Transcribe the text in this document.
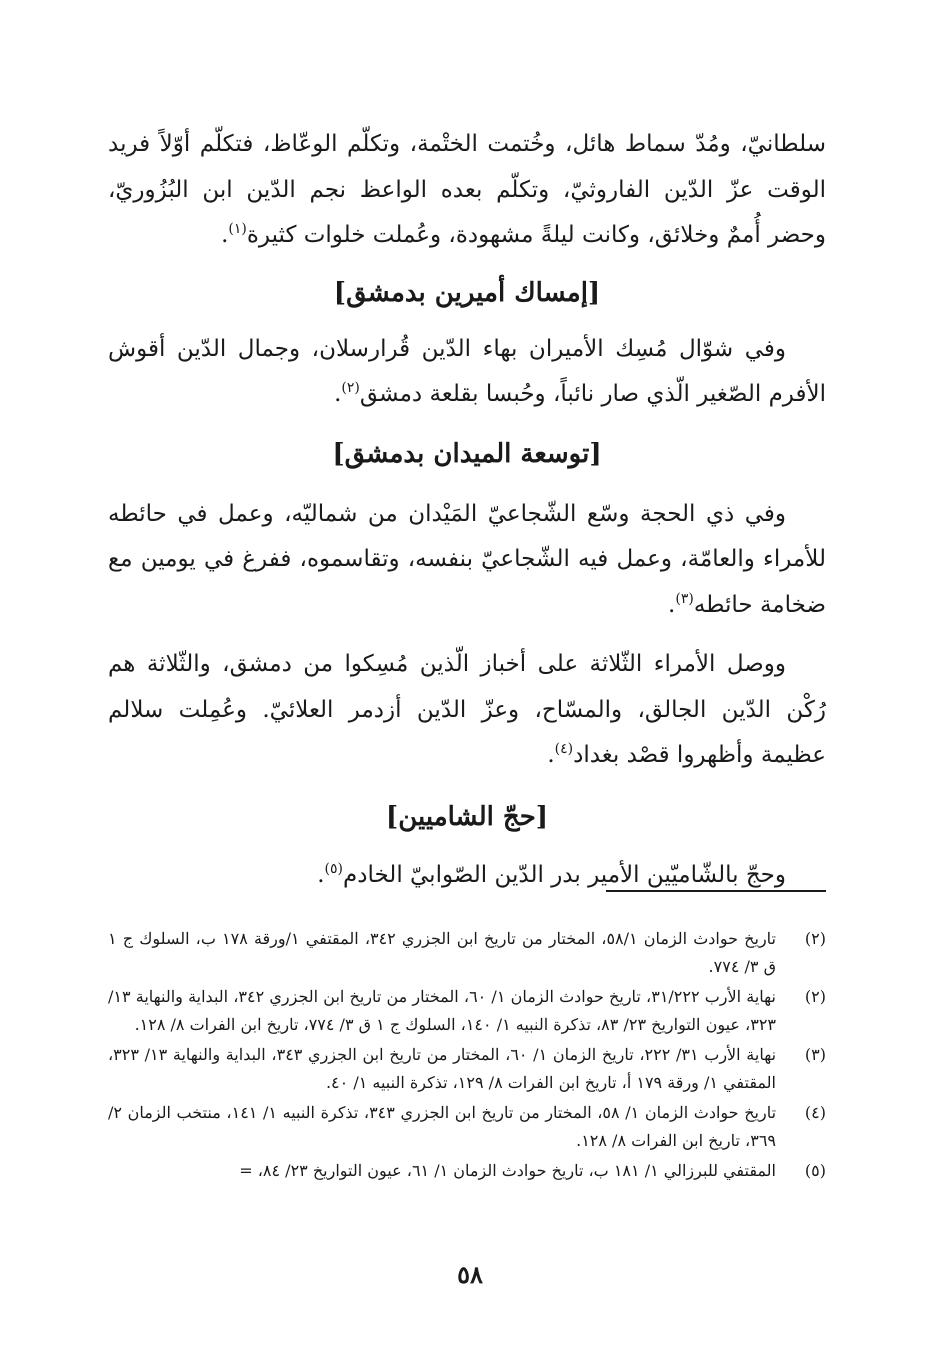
سلطانيّ، ومُدّ سماط هائل، وخُتمت الختْمة، وتكلّم الوعّاظ، فتكلّم أوّلاً فريد الوقت عزّ الدّين الفاروثيّ، وتكلّم بعده الواعظ نجم الدّين ابن البُزُوريّ، وحضر أُممٌ وخلائق، وكانت ليلةً مشهودة، وعُملت خلوات كثيرة$^{(١)}$.

[إمساك أميرين بدمشق]

وفي شوّال مُسِك الأميران بهاء الدّين قُرارسلان، وجمال الدّين أقوش الأفرم الصّغير الّذي صار نائباً، وحُبسا بقلعة دمشق$^{(٢)}$.

[توسعة الميدان بدمشق]

وفي ذي الحجة وسّع الشّجاعيّ المَيْدان من شماليّه، وعمل في حائطه للأمراء والعامّة، وعمل فيه الشّجاعيّ بنفسه، وتقاسموه، ففرغ في يومين مع ضخامة حائطه$^{(٣)}$.

ووصل الأمراء الثّلاثة على أخباز الّذين مُسِكوا من دمشق، والثّلاثة هم رُكْن الدّين الجالق، والمسّاح، وعزّ الدّين أزدمر العلائيّ. وعُمِلت سلالم عظيمة وأظهروا قصْد بغداد$^{(٤)}$.

[حجّ الشاميين]

وحجّ بالشّاميّين الأمير بدر الدّين الصّوابيّ الخادم$^{(٥)}$.

(٢)
تاريخ حوادث الزمان ٥٨/١، المختار من تاريخ ابن الجزري ٣٤٢، المقتفي ١/ورقة ١٧٨ ب، السلوك ج ١ ق ٣/ ٧٧٤.
(٢)
نهاية الأرب ٣١/٢٢٢، تاريخ حوادث الزمان ١/ ٦٠، المختار من تاريخ ابن الجزري ٣٤٢، البداية والنهاية ١٣/ ٣٢٣، عيون التواريخ ٢٣/ ٨٣، تذكرة النبيه ١/ ١٤٠، السلوك ج ١ ق ٣/ ٧٧٤، تاريخ ابن الفرات ٨/ ١٢٨.
(٣)
نهاية الأرب ٣١/ ٢٢٢، تاريخ الزمان ١/ ٦٠، المختار من تاريخ ابن الجزري ٣٤٣، البداية والنهاية ١٣/ ٣٢٣، المقتفي ١/ ورقة ١٧٩ أ، تاريخ ابن الفرات ٨/ ١٢٩، تذكرة النبيه ١/ ٤٠.
(٤)
تاريخ حوادث الزمان ١/ ٥٨، المختار من تاريخ ابن الجزري ٣٤٣، تذكرة النبيه ١/ ١٤١، منتخب الزمان ٢/ ٣٦٩، تاريخ ابن الفرات ٨/ ١٢٨.
(٥)
المقتفي للبرزالي ١/ ١٨١ ب، تاريخ حوادث الزمان ١/ ٦١، عيون التواريخ ٢٣/ ٨٤، =
٥٨
